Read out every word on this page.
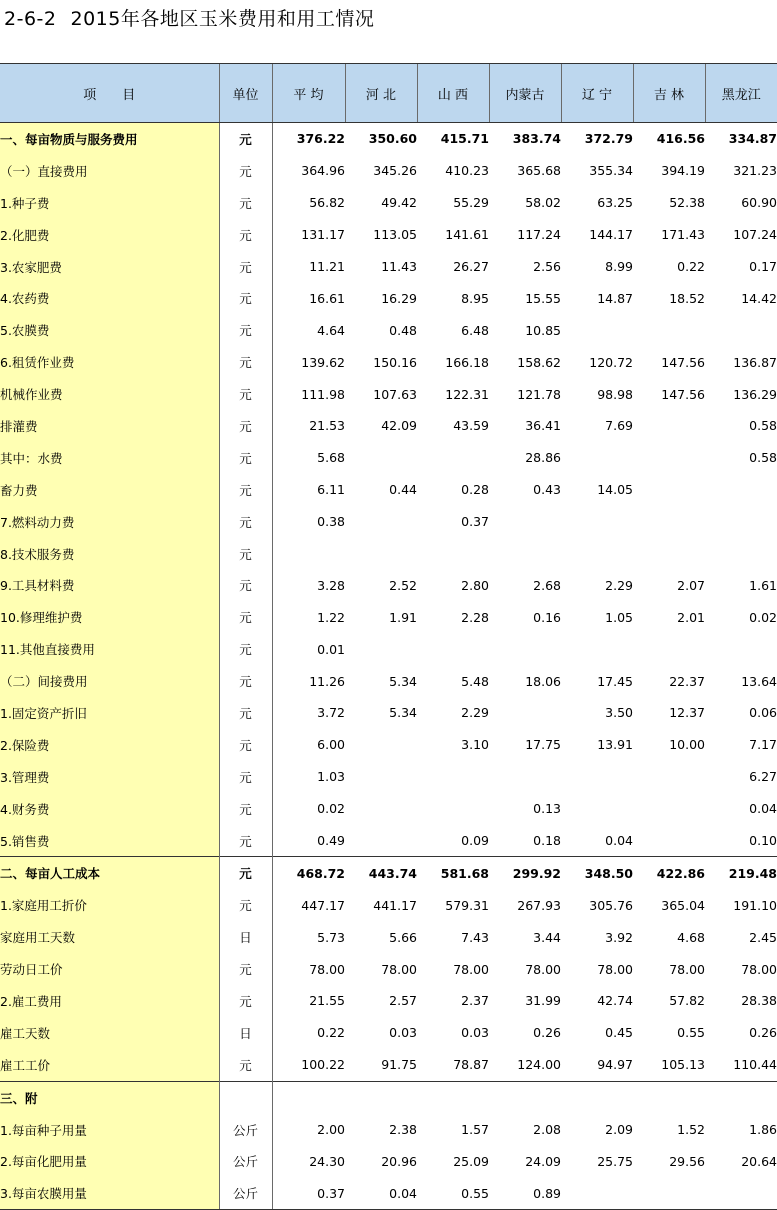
2-6-2 2015年各地区玉米费用和用工情况
项　　目	单位	平 均	河 北	山 西	内蒙古	辽 宁	吉 林	黑龙江
一、每亩物质与服务费用	元	376.22	350.60	415.71	383.74	372.79	416.56	334.87
（一）直接费用	元	364.96	345.26	410.23	365.68	355.34	394.19	321.23
1.种子费	元	56.82	49.42	55.29	58.02	63.25	52.38	60.90
2.化肥费	元	131.17	113.05	141.61	117.24	144.17	171.43	107.24
3.农家肥费	元	11.21	11.43	26.27	2.56	8.99	0.22	0.17
4.农药费	元	16.61	16.29	8.95	15.55	14.87	18.52	14.42
5.农膜费	元	4.64	0.48	6.48	10.85			
6.租赁作业费	元	139.62	150.16	166.18	158.62	120.72	147.56	136.87
机械作业费	元	111.98	107.63	122.31	121.78	98.98	147.56	136.29
排灌费	元	21.53	42.09	43.59	36.41	7.69		0.58
其中：水费	元	5.68			28.86			0.58
畜力费	元	6.11	0.44	0.28	0.43	14.05		
7.燃料动力费	元	0.38		0.37				
8.技术服务费	元							
9.工具材料费	元	3.28	2.52	2.80	2.68	2.29	2.07	1.61
10.修理维护费	元	1.22	1.91	2.28	0.16	1.05	2.01	0.02
11.其他直接费用	元	0.01						
（二）间接费用	元	11.26	5.34	5.48	18.06	17.45	22.37	13.64
1.固定资产折旧	元	3.72	5.34	2.29		3.50	12.37	0.06
2.保险费	元	6.00		3.10	17.75	13.91	10.00	7.17
3.管理费	元	1.03						6.27
4.财务费	元	0.02			0.13			0.04
5.销售费	元	0.49		0.09	0.18	0.04		0.10
二、每亩人工成本	元	468.72	443.74	581.68	299.92	348.50	422.86	219.48
1.家庭用工折价	元	447.17	441.17	579.31	267.93	305.76	365.04	191.10
家庭用工天数	日	5.73	5.66	7.43	3.44	3.92	4.68	2.45
劳动日工价	元	78.00	78.00	78.00	78.00	78.00	78.00	78.00
2.雇工费用	元	21.55	2.57	2.37	31.99	42.74	57.82	28.38
雇工天数	日	0.22	0.03	0.03	0.26	0.45	0.55	0.26
雇工工价	元	100.22	91.75	78.87	124.00	94.97	105.13	110.44
三、附								
1.每亩种子用量	公斤	2.00	2.38	1.57	2.08	2.09	1.52	1.86
2.每亩化肥用量	公斤	24.30	20.96	25.09	24.09	25.75	29.56	20.64
3.每亩农膜用量	公斤	0.37	0.04	0.55	0.89			
